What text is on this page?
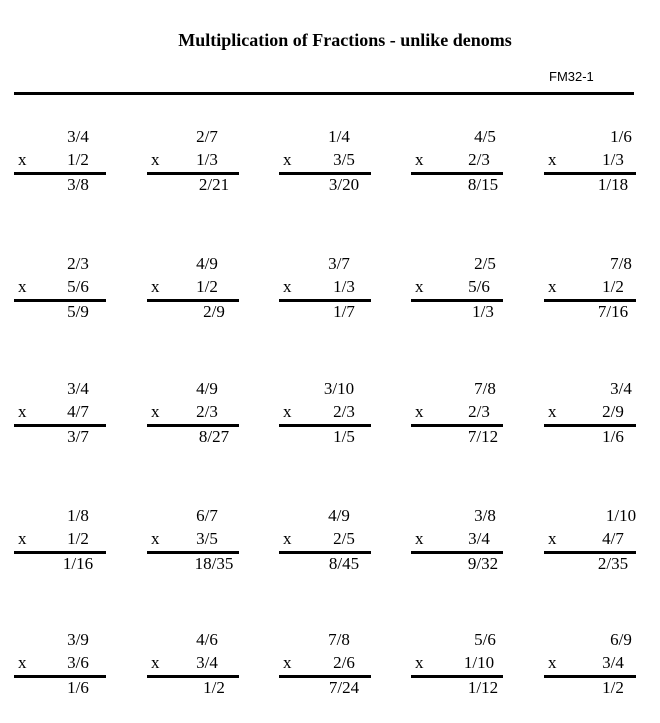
Multiplication of Fractions - unlike denoms
FM32-1
3/4
x 1/2
3/8
2/7
x 1/3
2/21
1/4
x 3/5
3/20
4/5
x	2/3
8/15
1/6
x	1/3
1/18
2/3
x 5/6
5/9
4/9
x 1/2
2/9
3/7
x 1/3
1/7
2/5
x	5/6
1/3
7/8
x	1/2
7/16
3/4
x 4/7
3/7
4/9
x 2/3
8/27
3/10
x 2/3
1/5
7/8
x	2/3
7/12
3/4
x	2/9
1/6
1/8
x 1/2
1/16
6/7
x 3/5
18/35
4/9
x 2/5
8/45
3/8
x	3/4
9/32
1/10
x	4/7
2/35
3/9
x 3/6
1/6
4/6
x 3/4
1/2
7/8
x 2/6
7/24
5/6
x 1/10
1/12
6/9
x	3/4
1/2
